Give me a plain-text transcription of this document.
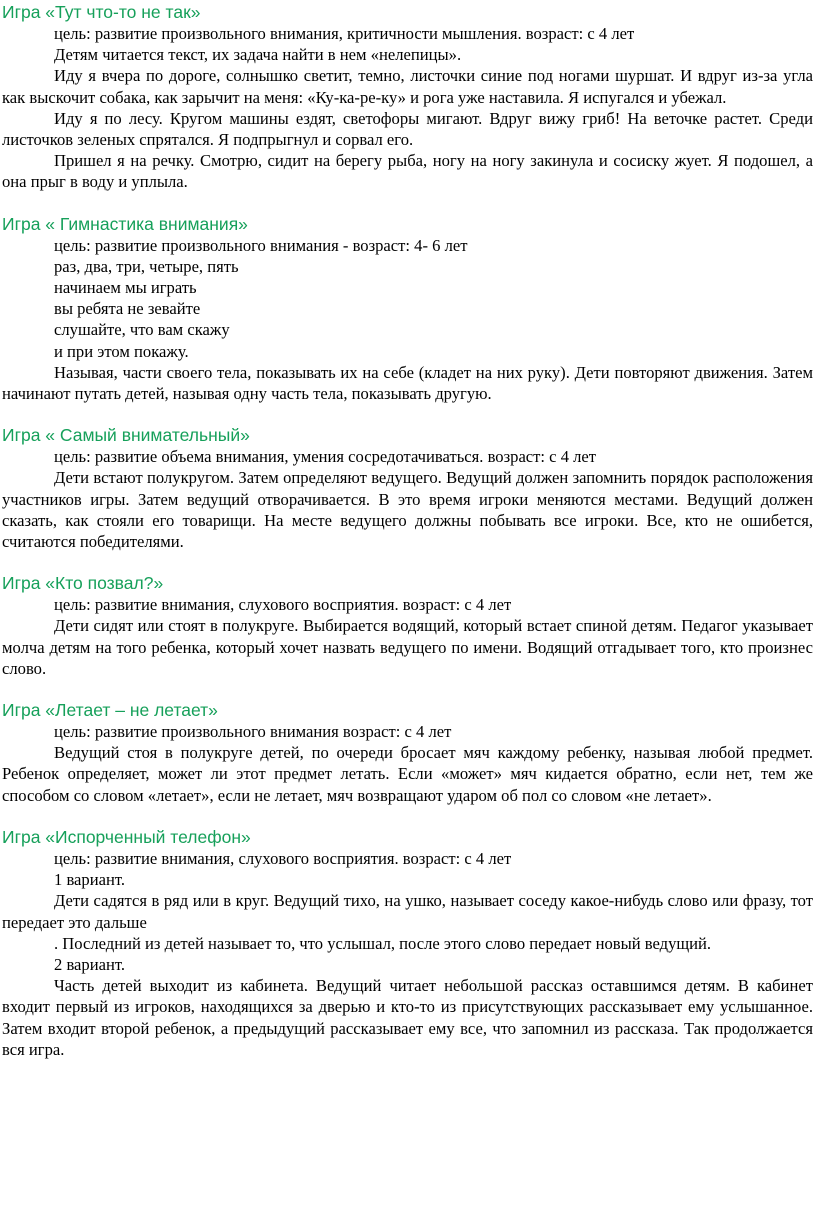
Игра «Тут что-то не так»

цель: развитие произвольного внимания, критичности мышления. возраст: с 4 лет

Детям читается текст, их задача найти в нем «нелепицы».

Иду я вчера по дороге, солнышко светит, темно, листочки синие под ногами шуршат. И вдруг из-за угла как выскочит собака, как зарычит на меня: «Ку-ка-ре-ку» и рога уже наставила. Я испугался и убежал.

Иду я по лесу. Кругом машины ездят, светофоры мигают. Вдруг вижу гриб! На веточке растет. Среди листочков зеленых спрятался. Я подпрыгнул и сорвал его.

Пришел я на речку. Смотрю, сидит на берегу рыба, ногу на ногу закинула и сосиску жует. Я подошел, а она прыг в воду и уплыла.

Игра « Гимнастика внимания»

цель: развитие произвольного внимания - возраст: 4- 6 лет

раз, два, три, четыре, пять

начинаем мы играть

вы ребята не зевайте

слушайте, что вам скажу

и при этом покажу.

Называя, части своего тела, показывать их на себе (кладет на них руку). Дети повторяют движения. Затем начинают путать детей, называя одну часть тела, показывать другую.

Игра « Самый внимательный»

цель: развитие объема внимания, умения сосредотачиваться. возраст: с 4 лет

Дети встают полукругом. Затем определяют ведущего. Ведущий должен запомнить порядок расположения участников игры. Затем ведущий отворачивается. В это время игроки меняются местами. Ведущий должен сказать, как стояли его товарищи. На месте ведущего должны побывать все игроки. Все, кто не ошибется, считаются победителями.

Игра «Кто позвал?»

цель: развитие внимания, слухового восприятия. возраст: с 4 лет

Дети сидят или стоят в полукруге. Выбирается водящий, который встает спиной детям. Педагог указывает молча детям на того ребенка, который хочет назвать ведущего по имени. Водящий отгадывает того, кто произнес слово.

Игра «Летает – не летает»

цель: развитие произвольного внимания возраст: с 4 лет

Ведущий стоя в полукруге детей, по очереди бросает мяч каждому ребенку, называя любой предмет. Ребенок определяет, может ли этот предмет летать. Если «может» мяч кидается обратно, если нет, тем же способом со словом «летает», если не летает, мяч возвращают ударом об пол со словом «не летает».

Игра «Испорченный телефон»

цель: развитие внимания, слухового восприятия. возраст: с 4 лет

1 вариант.

Дети садятся в ряд или в круг. Ведущий тихо, на ушко, называет соседу какое-нибудь слово или фразу, тот передает это дальше

. Последний из детей называет то, что услышал, после этого слово передает новый ведущий.

2 вариант.

Часть детей выходит из кабинета. Ведущий читает небольшой рассказ оставшимся детям. В кабинет входит первый из игроков, находящихся за дверью и кто-то из присутствующих рассказывает ему услышанное. Затем входит второй ребенок, а предыдущий рассказывает ему все, что запомнил из рассказа. Так продолжается вся игра.
